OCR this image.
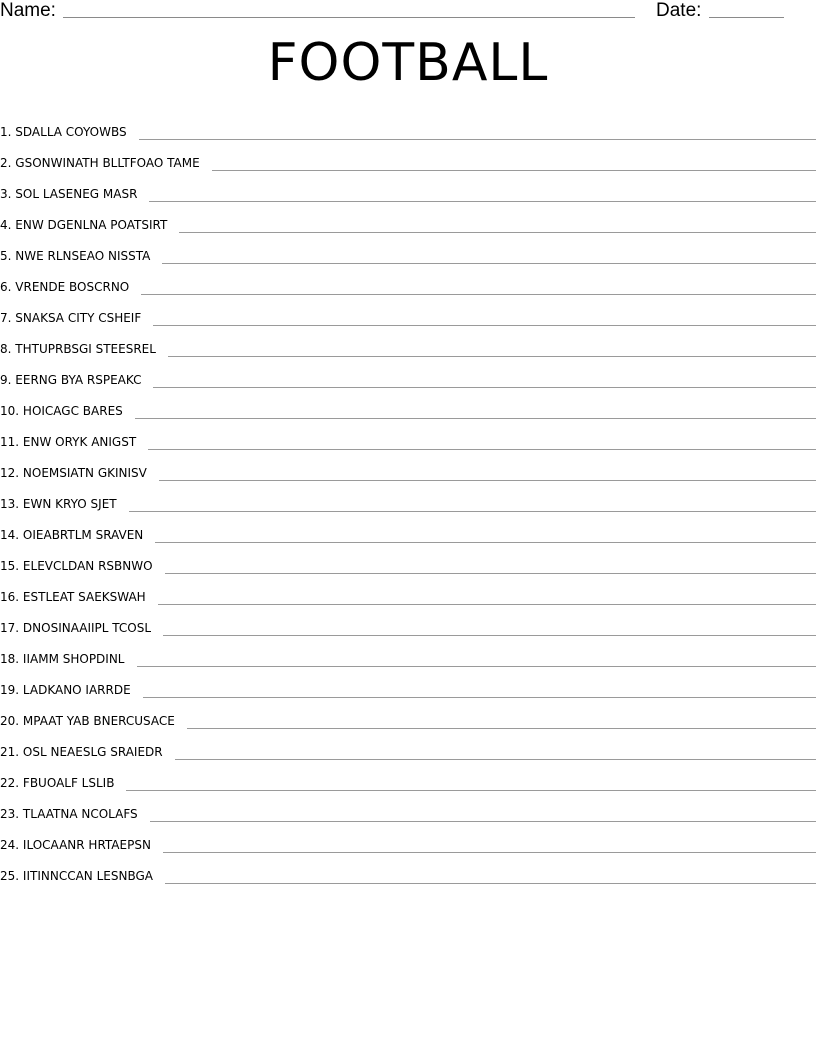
Name:	Date:
FOOTBALL
1. SDALLA COYOWBS
2. GSONWINATH BLLTFOAO TAME
3. SOL LASENEG MASR
4. ENW DGENLNA POATSIRT
5. NWE RLNSEAO NISSTA
6. VRENDE BOSCRNO
7. SNAKSA CITY CSHEIF
8. THTUPRBSGI STEESREL
9. EERNG BYA RSPEAKC
10. HOICAGC BARES
11. ENW ORYK ANIGST
12. NOEMSIATN GKINISV
13. EWN KRYO SJET
14. OIEABRTLM SRAVEN
15. ELEVCLDAN RSBNWO
16. ESTLEAT SAEKSWAH
17. DNOSINAAIIPL TCOSL
18. IIAMM SHOPDINL
19. LADKANO IARRDE
20. MPAAT YAB BNERCUSACE
21. OSL NEAESLG SRAIEDR
22. FBUOALF LSLIB
23. TLAATNA NCOLAFS
24. ILOCAANR HRTAEPSN
25. IITINNCCAN LESNBGA
